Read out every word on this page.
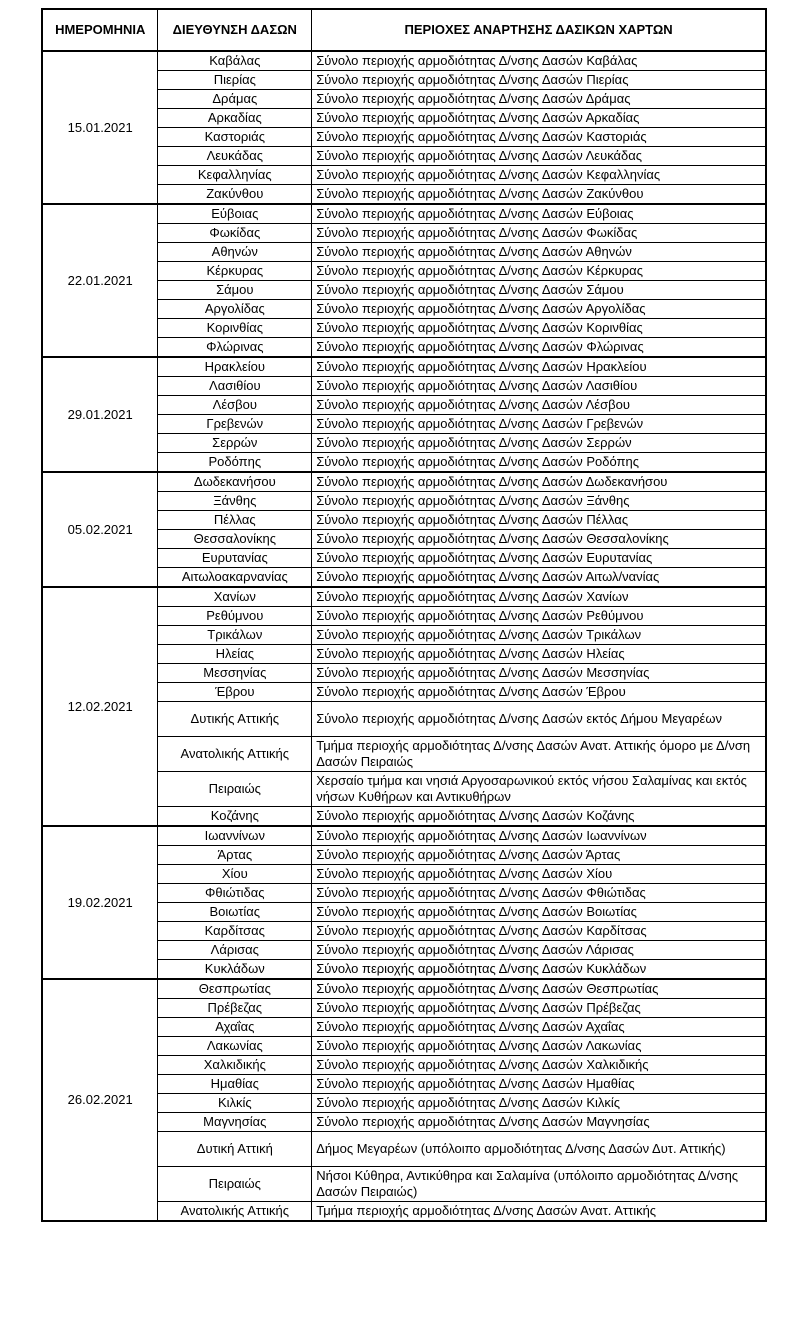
ΗΜΕΡΟΜΗΝΙΑ	ΔΙΕΥΘΥΝΣΗ ΔΑΣΩΝ	ΠΕΡΙΟΧΕΣ ΑΝΑΡΤΗΣΗΣ ΔΑΣΙΚΩΝ ΧΑΡΤΩΝ
15.01.2021	Καβάλας	Σύνολο περιοχής αρμοδιότητας Δ/νσης Δασών Καβάλας
	Πιερίας	Σύνολο περιοχής αρμοδιότητας Δ/νσης Δασών Πιερίας
	Δράμας	Σύνολο περιοχής αρμοδιότητας Δ/νσης Δασών Δράμας
	Αρκαδίας	Σύνολο περιοχής αρμοδιότητας Δ/νσης Δασών Αρκαδίας
	Καστοριάς	Σύνολο περιοχής αρμοδιότητας Δ/νσης Δασών Καστοριάς
	Λευκάδας	Σύνολο περιοχής αρμοδιότητας Δ/νσης Δασών Λευκάδας
	Κεφαλληνίας	Σύνολο περιοχής αρμοδιότητας Δ/νσης Δασών Κεφαλληνίας
	Ζακύνθου	Σύνολο περιοχής αρμοδιότητας Δ/νσης Δασών Ζακύνθου
22.01.2021	Εύβοιας	Σύνολο περιοχής αρμοδιότητας Δ/νσης Δασών Εύβοιας
	Φωκίδας	Σύνολο περιοχής αρμοδιότητας Δ/νσης Δασών Φωκίδας
	Αθηνών	Σύνολο περιοχής αρμοδιότητας Δ/νσης Δασών Αθηνών
	Κέρκυρας	Σύνολο περιοχής αρμοδιότητας Δ/νσης Δασών Κέρκυρας
	Σάμου	Σύνολο περιοχής αρμοδιότητας Δ/νσης Δασών Σάμου
	Αργολίδας	Σύνολο περιοχής αρμοδιότητας Δ/νσης Δασών Αργολίδας
	Κορινθίας	Σύνολο περιοχής αρμοδιότητας Δ/νσης Δασών Κορινθίας
	Φλώρινας	Σύνολο περιοχής αρμοδιότητας Δ/νσης Δασών Φλώρινας
29.01.2021	Ηρακλείου	Σύνολο περιοχής αρμοδιότητας Δ/νσης Δασών Ηρακλείου
	Λασιθίου	Σύνολο περιοχής αρμοδιότητας Δ/νσης Δασών Λασιθίου
	Λέσβου	Σύνολο περιοχής αρμοδιότητας Δ/νσης Δασών Λέσβου
	Γρεβενών	Σύνολο περιοχής αρμοδιότητας Δ/νσης Δασών Γρεβενών
	Σερρών	Σύνολο περιοχής αρμοδιότητας Δ/νσης Δασών Σερρών
	Ροδόπης	Σύνολο περιοχής αρμοδιότητας Δ/νσης Δασών Ροδόπης
05.02.2021	Δωδεκανήσου	Σύνολο περιοχής αρμοδιότητας Δ/νσης Δασών Δωδεκανήσου
	Ξάνθης	Σύνολο περιοχής αρμοδιότητας Δ/νσης Δασών Ξάνθης
	Πέλλας	Σύνολο περιοχής αρμοδιότητας Δ/νσης Δασών Πέλλας
	Θεσσαλονίκης	Σύνολο περιοχής αρμοδιότητας Δ/νσης Δασών Θεσσαλονίκης
	Ευρυτανίας	Σύνολο περιοχής αρμοδιότητας Δ/νσης Δασών Ευρυτανίας
	Αιτωλοακαρνανίας	Σύνολο περιοχής αρμοδιότητας Δ/νσης Δασών Αιτωλ/νανίας
12.02.2021	Χανίων	Σύνολο περιοχής αρμοδιότητας Δ/νσης Δασών Χανίων
	Ρεθύμνου	Σύνολο περιοχής αρμοδιότητας Δ/νσης Δασών Ρεθύμνου
	Τρικάλων	Σύνολο περιοχής αρμοδιότητας Δ/νσης Δασών Τρικάλων
	Ηλείας	Σύνολο περιοχής αρμοδιότητας Δ/νσης Δασών Ηλείας
	Μεσσηνίας	Σύνολο περιοχής αρμοδιότητας Δ/νσης Δασών Μεσσηνίας
	Έβρου	Σύνολο περιοχής αρμοδιότητας Δ/νσης Δασών Έβρου
	Δυτικής Αττικής	Σύνολο περιοχής αρμοδιότητας Δ/νσης Δασών εκτός Δήμου Μεγαρέων
	Ανατολικής Αττικής	Τμήμα περιοχής αρμοδιότητας Δ/νσης Δασών Ανατ. Αττικής όμορο με Δ/νση Δασών Πειραιώς
	Πειραιώς	Χερσαίο τμήμα και νησιά Αργοσαρωνικού εκτός νήσου Σαλαμίνας και εκτός νήσων Κυθήρων και Αντικυθήρων
	Κοζάνης	Σύνολο περιοχής αρμοδιότητας Δ/νσης Δασών Κοζάνης
19.02.2021	Ιωαννίνων	Σύνολο περιοχής αρμοδιότητας Δ/νσης Δασών Ιωαννίνων
	Άρτας	Σύνολο περιοχής αρμοδιότητας Δ/νσης Δασών Άρτας
	Χίου	Σύνολο περιοχής αρμοδιότητας Δ/νσης Δασών Χίου
	Φθιώτιδας	Σύνολο περιοχής αρμοδιότητας Δ/νσης Δασών Φθιώτιδας
	Βοιωτίας	Σύνολο περιοχής αρμοδιότητας Δ/νσης Δασών Βοιωτίας
	Καρδίτσας	Σύνολο περιοχής αρμοδιότητας Δ/νσης Δασών Καρδίτσας
	Λάρισας	Σύνολο περιοχής αρμοδιότητας Δ/νσης Δασών Λάρισας
	Κυκλάδων	Σύνολο περιοχής αρμοδιότητας Δ/νσης Δασών Κυκλάδων
26.02.2021	Θεσπρωτίας	Σύνολο περιοχής αρμοδιότητας Δ/νσης Δασών Θεσπρωτίας
	Πρέβεζας	Σύνολο περιοχής αρμοδιότητας Δ/νσης Δασών Πρέβεζας
	Αχαΐας	Σύνολο περιοχής αρμοδιότητας Δ/νσης Δασών Αχαΐας
	Λακωνίας	Σύνολο περιοχής αρμοδιότητας Δ/νσης Δασών Λακωνίας
	Χαλκιδικής	Σύνολο περιοχής αρμοδιότητας Δ/νσης Δασών Χαλκιδικής
	Ημαθίας	Σύνολο περιοχής αρμοδιότητας Δ/νσης Δασών Ημαθίας
	Κιλκίς	Σύνολο περιοχής αρμοδιότητας Δ/νσης Δασών Κιλκίς
	Μαγνησίας	Σύνολο περιοχής αρμοδιότητας Δ/νσης Δασών Μαγνησίας
	Δυτική Αττική	Δήμος Μεγαρέων (υπόλοιπο αρμοδιότητας Δ/νσης Δασών Δυτ. Αττικής)
	Πειραιώς	Νήσοι Κύθηρα, Αντικύθηρα και Σαλαμίνα (υπόλοιπο αρμοδιότητας Δ/νσης Δασών Πειραιώς)
	Ανατολικής Αττικής	Τμήμα περιοχής αρμοδιότητας Δ/νσης Δασών Ανατ. Αττικής
